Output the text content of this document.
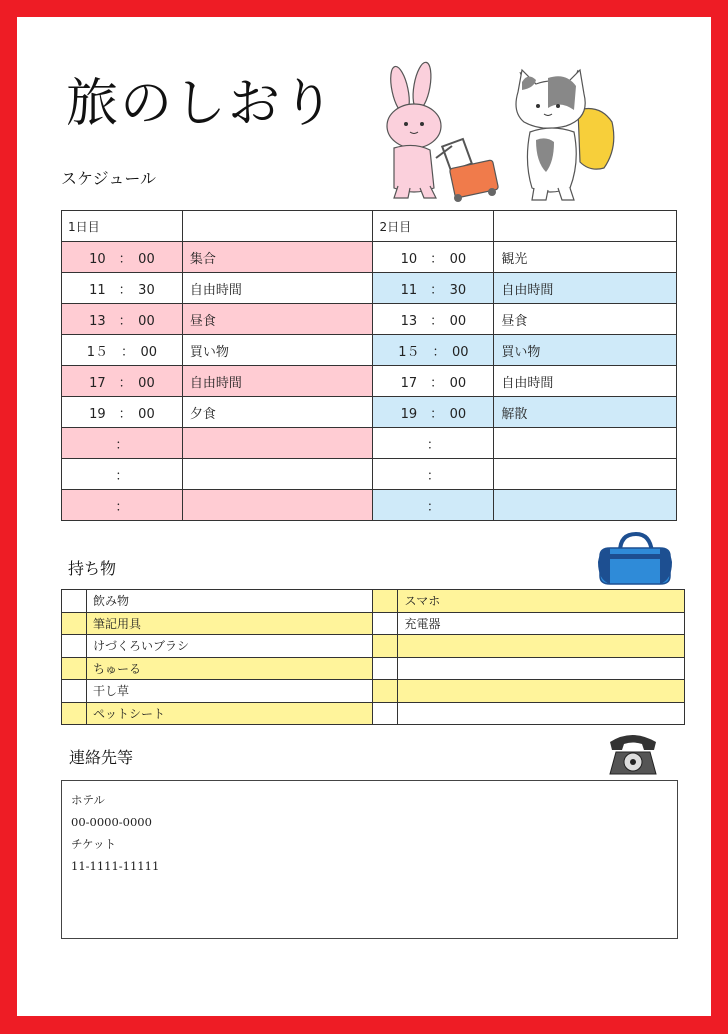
旅のしおり
スケジュール
1日目		2日目	
10　：　00	集合	10　：　00	観光
11　：　30	自由時間	11　：　30	自由時間
13　：　00	昼食	13　：　00	昼食
1５　：　00	買い物	1５　：　00	買い物
17　：　00	自由時間	17　：　00	自由時間
19　：　00	夕食	19　：　00	解散
：		：	
：		：	
：		：	
持ち物
	飲み物		スマホ
	筆記用具		充電器
	けづくろいブラシ		
	ちゅーる		
	干し草		
	ペットシート		
連絡先等
ホテル
00-0000-0000
チケット
11-1111-11111
